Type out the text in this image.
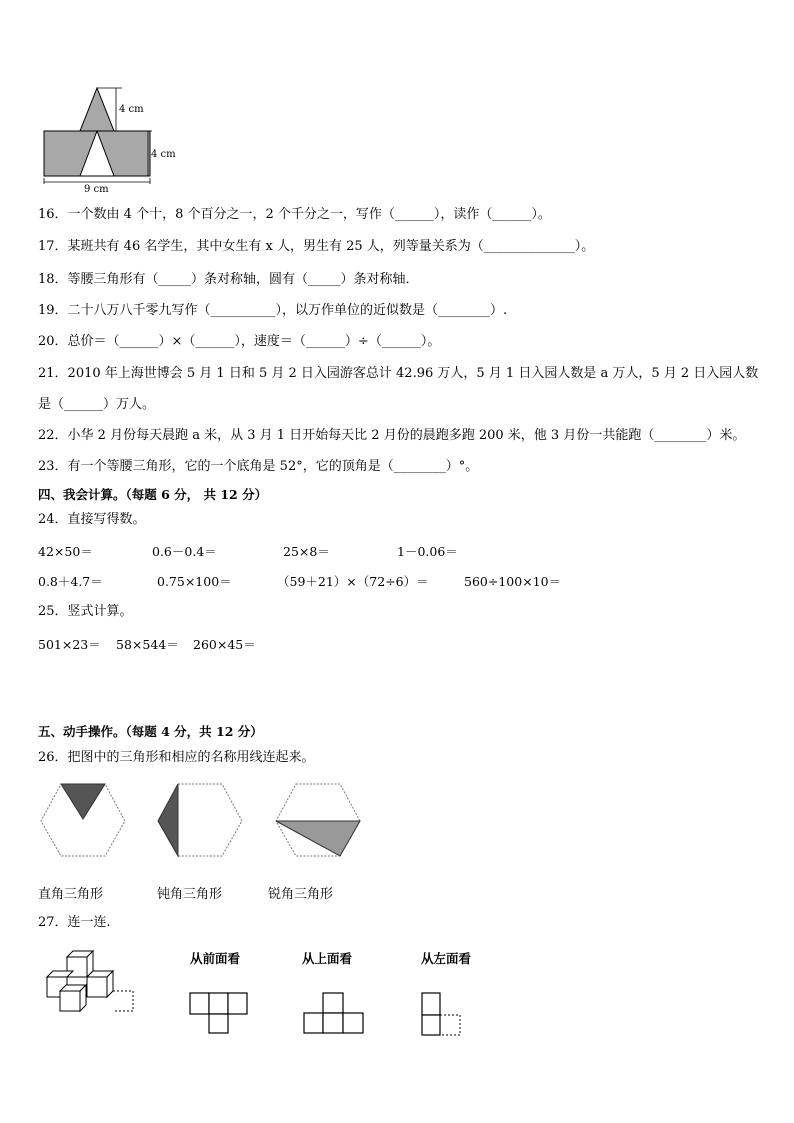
4 cm
4 cm
9 cm
16．一个数由 4 个十，8 个百分之一，2 个千分之一，写作（______），读作（______）。
17．某班共有 46 名学生，其中女生有 x 人，男生有 25 人，列等量关系为（______________）。
18．等腰三角形有（_____）条对称轴，圆有（_____）条对称轴．
19．二十八万八千零九写作（__________），以万作单位的近似数是（________）.
20．总价＝（______）×（______），速度＝（______）÷（______）。
21．2010 年上海世博会 5 月 1 日和 5 月 2 日入园游客总计 42.96 万人，5 月 1 日入园人数是 a 万人，5 月 2 日入园人数
是（______）万人。
22．小华 2 月份每天晨跑 a 米，从 3 月 1 日开始每天比 2 月份的晨跑多跑 200 米，他 3 月份一共能跑（________）米。
23．有一个等腰三角形，它的一个底角是 52°，它的顶角是（________）°。
四、我会计算。（每题 6 分， 共 12 分）
24．直接写得数。
42×50＝	0.6－0.4＝	25×8＝	1－0.06＝
0.8＋4.7＝	0.75×100＝	（59＋21）×（72÷6）＝	560÷100×10＝
25．竖式计算。
501×23＝ 58×544＝ 260×45＝
五、动手操作。（每题 4 分，共 12 分）
26．把图中的三角形和相应的名称用线连起来。
直角三角形	钝角三角形	锐角三角形
27．连一连.
从前面看	从上面看	从左面看
